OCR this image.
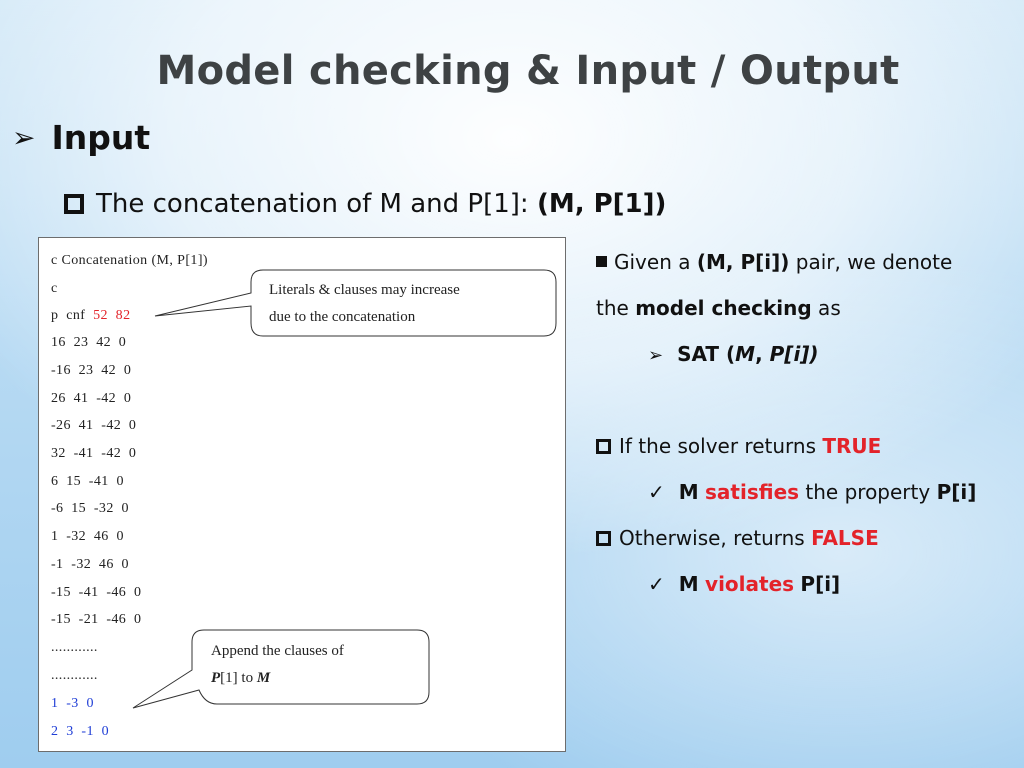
Model checking & Input / Output
➢ Input
The concatenation of M and P[1]: (M, P[1])
c Concatenation (M, P[1])
c
p  cnf  52  82
16  23  42  0
-16  23  42  0
26  41  -42  0
-26  41  -42  0
32  -41  -42  0
6  15  -41  0
-6  15  -32  0
1  -32  46  0
-1  -32  46  0
-15  -41  -46  0
-15  -21  -46  0
............
............
1  -3  0
2  3  -1  0
Literals & clauses may increase
due to the concatenation
Append the clauses of
P[1] to M
Given a (M, P[i]) pair, we denote
the model checking as
➢ SAT (M, P[i])
If the solver returns TRUE
✓ M satisfies the property P[i]
Otherwise, returns FALSE
✓ M violates P[i]
